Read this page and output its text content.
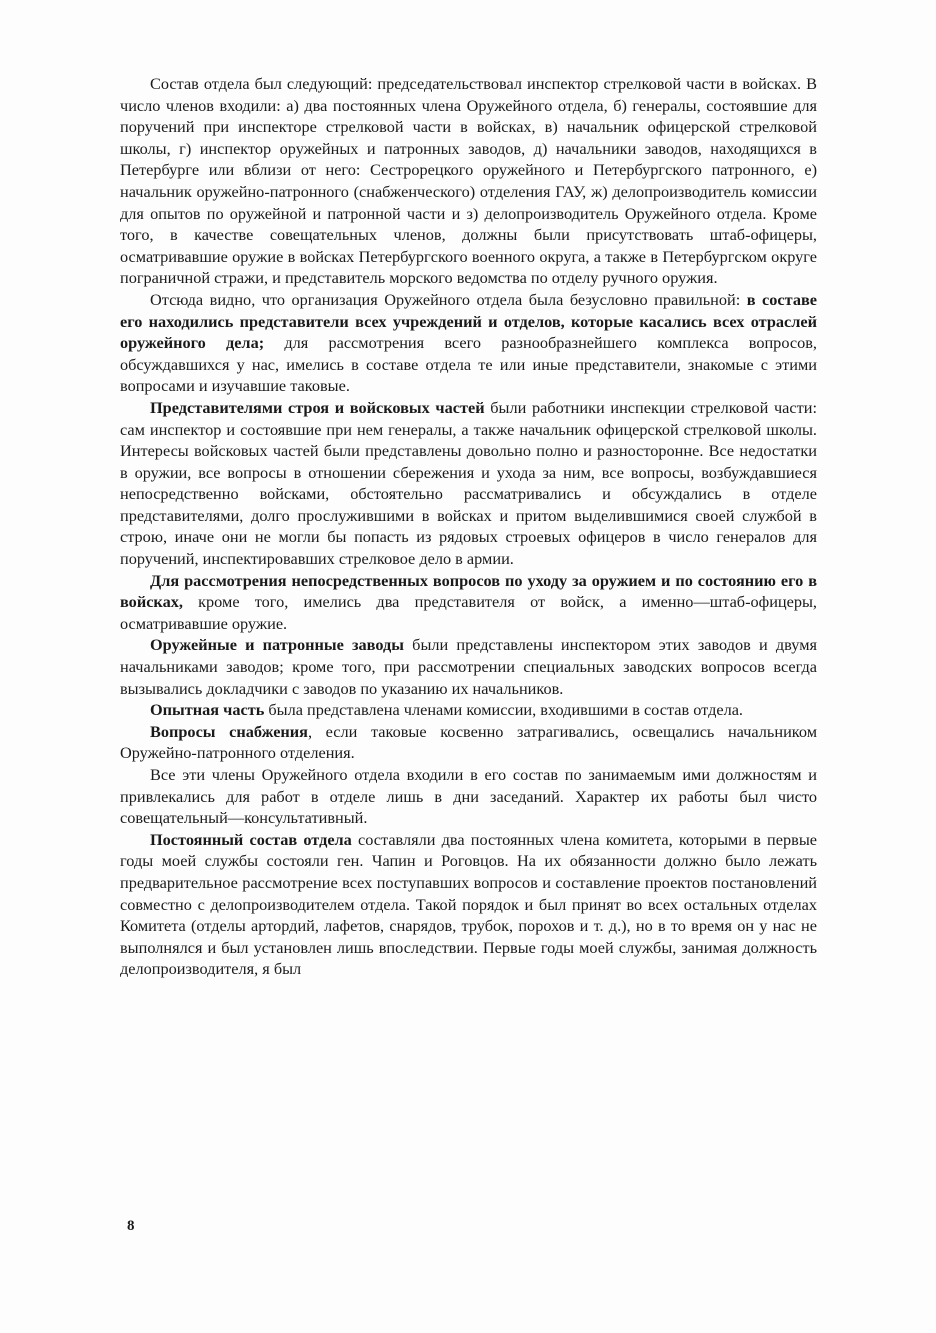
Состав отдела был следующий: председательствовал инспектор стрелковой части в войсках. В число членов входили: а) два постоянных члена Оружейного отдела, б) генералы, состоявшие для поручений при инспекторе стрелковой части в войсках, в) начальник офицерской стрелковой школы, г) инспектор оружейных и патронных заводов, д) начальники заводов, находящихся в Петербурге или вблизи от него: Сестрорецкого оружейного и Петербургского патронного, е) начальник оружейно-патронного (снабженческого) отделения ГАУ, ж) делопроизводитель комиссии для опытов по оружейной и патронной части и з) делопроизводитель Оружейного отдела. Кроме того, в качестве совещательных членов, должны были присутствовать штаб-офицеры, осматривавшие оружие в войсках Петербургского военного округа, а также в Петербургском округе пограничной стражи, и представитель морского ведомства по отделу ручного оружия.

Отсюда видно, что организация Оружейного отдела была безусловно правильной: в составе его находились представители всех учреждений и отделов, которые касались всех отраслей оружейного дела; для рассмотрения всего разнообразнейшего комплекса вопросов, обсуждавшихся у нас, имелись в составе отдела те или иные представители, знакомые с этими вопросами и изучавшие таковые.

Представителями строя и войсковых частей были работники инспекции стрелковой части: сам инспектор и состоявшие при нем генералы, а также начальник офицерской стрелковой школы. Интересы войсковых частей были представлены довольно полно и разносторонне. Все недостатки в оружии, все вопросы в отношении сбережения и ухода за ним, все вопросы, возбуждавшиеся непосредственно войсками, обстоятельно рассматривались и обсуждались в отделе представителями, долго прослужившими в войсках и притом выделившимися своей службой в строю, иначе они не могли бы попасть из рядовых строевых офицеров в число генералов для поручений, инспектировавших стрелковое дело в армии.

Для рассмотрения непосредственных вопросов по уходу за оружием и по состоянию его в войсках, кроме того, имелись два представителя от войск, а именно—штаб-офицеры, осматривавшие оружие.

Оружейные и патронные заводы были представлены инспектором этих заводов и двумя начальниками заводов; кроме того, при рассмотрении специальных заводских вопросов всегда вызывались докладчики с заводов по указанию их начальников.

Опытная часть была представлена членами комиссии, входившими в состав отдела.

Вопросы снабжения, если таковые косвенно затрагивались, освещались начальником Оружейно-патронного отделения.

Все эти члены Оружейного отдела входили в его состав по занимаемым ими должностям и привлекались для работ в отделе лишь в дни заседаний. Характер их работы был чисто совещательный—консультативный.

Постоянный состав отдела составляли два постоянных члена комитета, которыми в первые годы моей службы состояли ген. Чапин и Роговцов. На их обязанности должно было лежать предварительное рассмотрение всех поступавших вопросов и составление проектов постановлений совместно с делопроизводителем отдела. Такой порядок и был принят во всех остальных отделах Комитета (отделы артордий, лафетов, снарядов, трубок, порохов и т. д.), но в то время он у нас не выполнялся и был установлен лишь впоследствии. Первые годы моей службы, занимая должность делопроизводителя, я был

8
